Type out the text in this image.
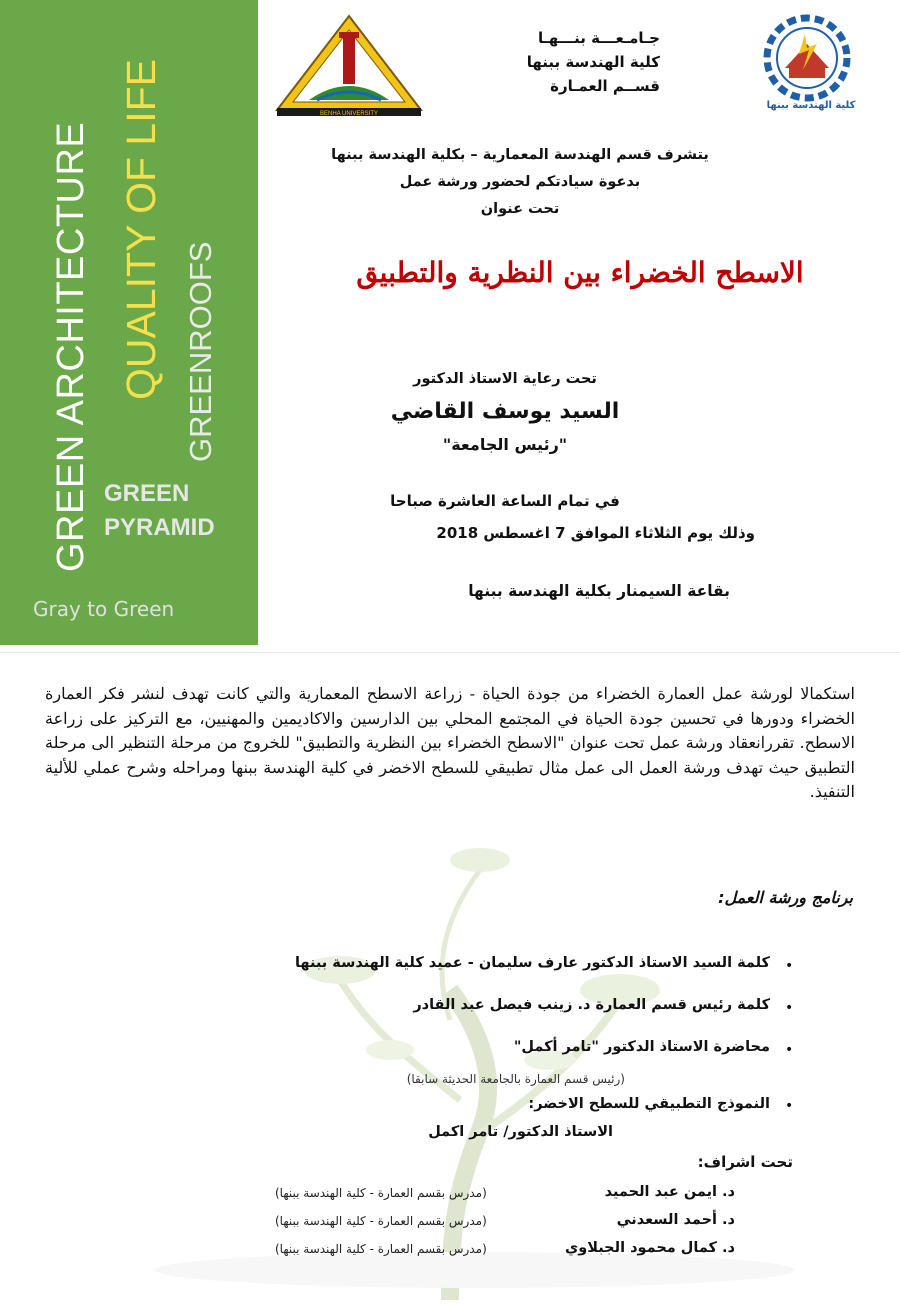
GREEN ARCHITECTURE QUALITY OF LIFE GREENROOFS
GREEN
PYRAMID
Gray to Green
BENHA UNIVERSITY
جـامـعـــة بنـــهـا
كلية الهندسة ببنها
قســم العمـارة
كلية الهندسة ببنها
يتشرف قسم الهندسة المعمارية – بكلية الهندسة ببنها
بدعوة سيادتكم لحضور ورشة عمل
تحت عنوان
الاسطح الخضراء بين النظرية والتطبيق
تحت رعاية الاستاذ الدكتور
السيد يوسف القاضي
"رئيس الجامعة"
في تمام الساعة العاشرة صباحا
وذلك يوم الثلاثاء الموافق 7 اغسطس 2018
بقاعة السيمنار بكلية الهندسة ببنها
استكمالا لورشة عمل العمارة الخضراء من جودة الحياة - زراعة الاسطح المعمارية والتي كانت تهدف لنشر فكر العمارة الخضراء ودورها في تحسين جودة الحياة في المجتمع المحلي بين الدارسين والاكاديمين والمهنيين، مع التركيز على زراعة الاسطح. تقررانعقاد ورشة عمل تحت عنوان "الاسطح الخضراء بين النظرية والتطبيق" للخروج من مرحلة التنظير الى مرحلة التطبيق حيث تهدف ورشة العمل الى عمل مثال تطبيقي للسطح الاخضر في كلية الهندسة ببنها ومراحله وشرح عملي للألية التنفيذ.
برنامج ورشة العمل:
•
كلمة السيد الاستاذ الدكتور عارف سليمان - عميد كلية الهندسة ببنها
•
كلمة رئيس قسم العمارة د. زينب فيصل عبد القادر
•
محاضرة الاستاذ الدكتور "تامر أكمل"
(رئيس قسم العمارة بالجامعة الحديثة سابقا)
•
النموذج التطبيقي للسطح الاخضر:
الاستاذ الدكتور/ تامر اكمل
تحت اشراف:
د. ايمن عبد الحميد
(مدرس بقسم العمارة - كلية الهندسة ببنها)
د. أحمد السعدني
(مدرس بقسم العمارة - كلية الهندسة ببنها)
د. كمال محمود الجبلاوي
(مدرس بقسم العمارة - كلية الهندسة ببنها)
